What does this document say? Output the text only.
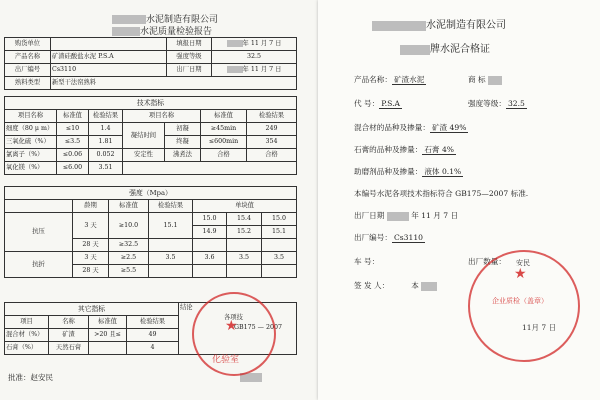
水泥制造有限公司
水泥质量检验报告
购货单位		填报日期	年 11 月 7 日
产品名称	矿渣硅酸盐水泥 P.S.A	强度等级	32.5
出厂编号	Cs3110	出厂日期	年 11 月 7 日
熟料类型	新型干法窑熟料		
技术指标						
项目名称	标准值	检验结果	项目名称		标准值	检验结果
细度（80 μ m）	≤10	1.4	凝结时间	初凝	≥45min	249
三氧化硫（%）	≤3.5	1.81		终凝	≤600min	354
氯离子（%）	≤0.06	0.052	安定性	沸煮法	合格	合格
氧化镁（%）	≤6.00	3.51				
强度（Mpa）						
	龄期	标准值	检验结果	单块值		
抗压	3 天	≥10.0	15.1	15.0	15.4	15.0
				14.9	15.2	15.1
	28 天	≥32.5				
抗折	3 天	≥2.5	3.5	3.6	3.5	3.5
	28 天	≥5.5				
其它指标				结论
各项技
GB175 — 2007

项目	名称	标准值	检验结果	
混合材（%）	矿渣	>20 且≤	49	
石膏（%）	天然石膏		4	
批准：赵安民
★
化验室
水泥制造有限公司
牌水泥合格证
产品名称： 矿渣水泥	商 标
代 号： P.S.A	强度等级： 32.5
混合材的品种及掺量： 矿渣 49%
石膏的品种及掺量： 石膏 4%
助磨剂品种及掺量： 液体 0.1%
本编号水泥各项技术指标符合 GB175—2007 标准.
出厂日期	年 11 月 7 日
出厂编号： Cs3110
车 号：	出厂数量：
签 发 人：	本
★
安民
企业质检（盖章）
11月 7 日
